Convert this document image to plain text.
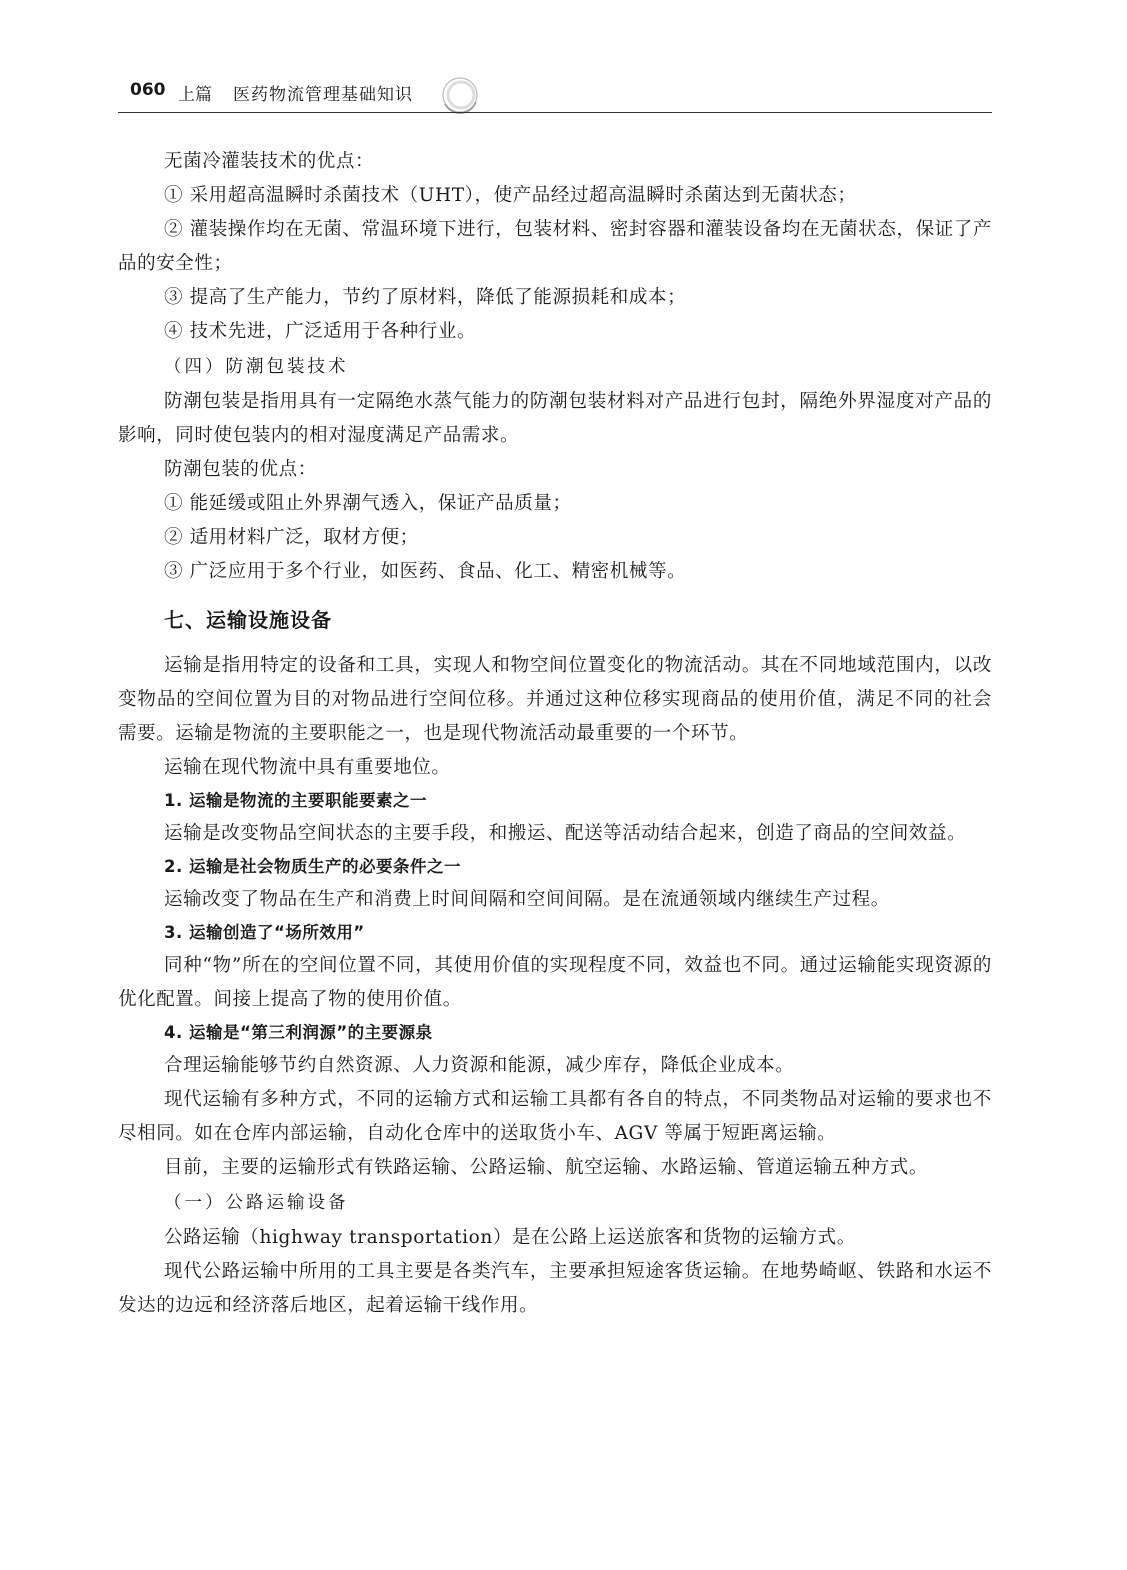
060 上篇 医药物流管理基础知识

无菌冷灌装技术的优点：

① 采用超高温瞬时杀菌技术（UHT），使产品经过超高温瞬时杀菌达到无菌状态；

② 灌装操作均在无菌、常温环境下进行，包装材料、密封容器和灌装设备均在无菌状态，保证了产品的安全性；

③ 提高了生产能力，节约了原材料，降低了能源损耗和成本；

④ 技术先进，广泛适用于各种行业。

（四）防潮包装技术

防潮包装是指用具有一定隔绝水蒸气能力的防潮包装材料对产品进行包封，隔绝外界湿度对产品的影响，同时使包装内的相对湿度满足产品需求。

防潮包装的优点：

① 能延缓或阻止外界潮气透入，保证产品质量；

② 适用材料广泛，取材方便；

③ 广泛应用于多个行业，如医药、食品、化工、精密机械等。

七、运输设施设备

运输是指用特定的设备和工具，实现人和物空间位置变化的物流活动。其在不同地域范围内，以改变物品的空间位置为目的对物品进行空间位移。并通过这种位移实现商品的使用价值，满足不同的社会需要。运输是物流的主要职能之一，也是现代物流活动最重要的一个环节。

运输在现代物流中具有重要地位。

1. 运输是物流的主要职能要素之一

运输是改变物品空间状态的主要手段，和搬运、配送等活动结合起来，创造了商品的空间效益。

2. 运输是社会物质生产的必要条件之一

运输改变了物品在生产和消费上时间间隔和空间间隔。是在流通领域内继续生产过程。

3. 运输创造了“场所效用”

同种“物”所在的空间位置不同，其使用价值的实现程度不同，效益也不同。通过运输能实现资源的优化配置。间接上提高了物的使用价值。

4. 运输是“第三利润源”的主要源泉

合理运输能够节约自然资源、人力资源和能源，减少库存，降低企业成本。

现代运输有多种方式，不同的运输方式和运输工具都有各自的特点，不同类物品对运输的要求也不尽相同。如在仓库内部运输，自动化仓库中的送取货小车、AGV 等属于短距离运输。

目前，主要的运输形式有铁路运输、公路运输、航空运输、水路运输、管道运输五种方式。

（一）公路运输设备

公路运输（highway transportation）是在公路上运送旅客和货物的运输方式。

现代公路运输中所用的工具主要是各类汽车，主要承担短途客货运输。在地势崎岖、铁路和水运不发达的边远和经济落后地区，起着运输干线作用。
